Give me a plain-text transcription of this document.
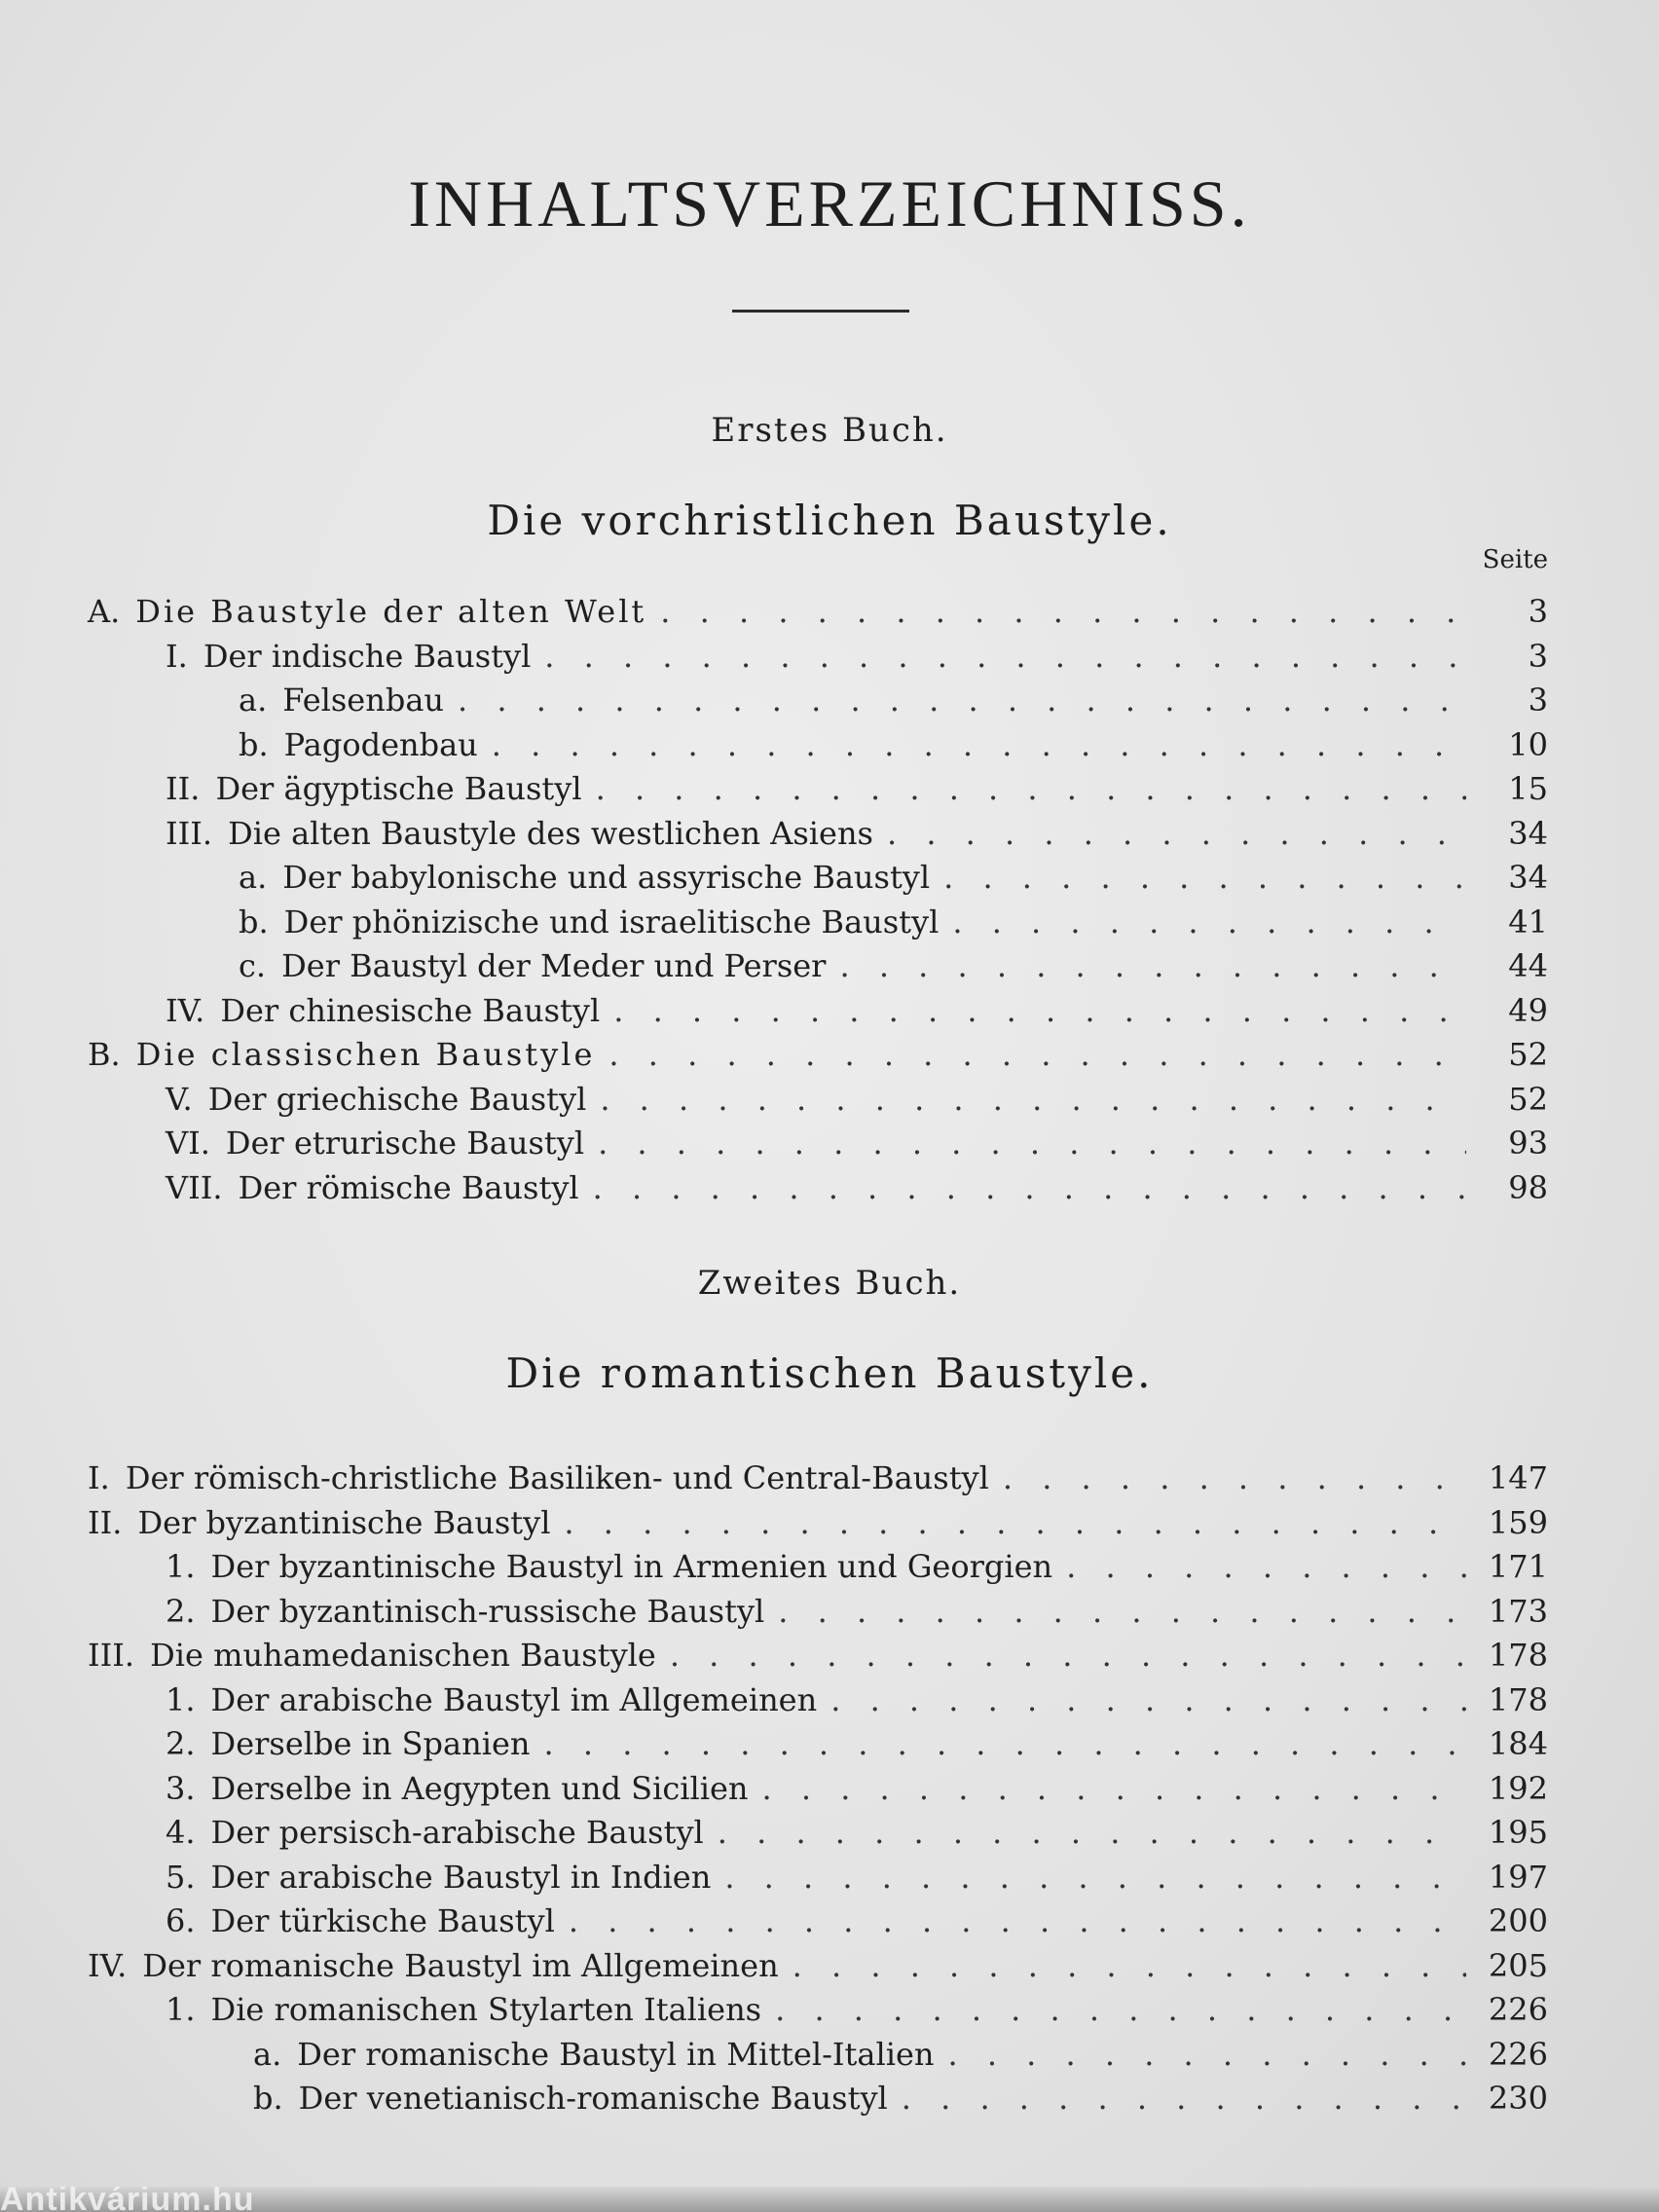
INHALTSVERZEICHNISS.
Erstes Buch.
Die vorchristlichen Baustyle.
Seite
A. Die Baustyle der alten Welt . . .	3
I. Der indische Baustyl . . .	3
a. Felsenbau . . .	3
b. Pagodenbau . . .	10
II. Der ägyptische Baustyl . . .	15
III. Die alten Baustyle des westlichen Asiens . . .	34
a. Der babylonische und assyrische Baustyl . . .	34
b. Der phönizische und israelitische Baustyl . . .	41
c. Der Baustyl der Meder und Perser . . .	44
IV. Der chinesische Baustyl . . .	49
B. Die classischen Baustyle . . .	52
V. Der griechische Baustyl . . .	52
VI. Der etrurische Baustyl . . .	93
VII. Der römische Baustyl . . .	98
Zweites Buch.
Die romantischen Baustyle.
I. Der römisch-christliche Basiliken- und Central-Baustyl . . .	147
II. Der byzantinische Baustyl . . .	159
1. Der byzantinische Baustyl in Armenien und Georgien . . .	171
2. Der byzantinisch-russische Baustyl . . .	173
III. Die muhamedanischen Baustyle . . .	178
1. Der arabische Baustyl im Allgemeinen . . .	178
2. Derselbe in Spanien . . .	184
3. Derselbe in Aegypten und Sicilien . . .	192
4. Der persisch-arabische Baustyl . . .	195
5. Der arabische Baustyl in Indien . . .	197
6. Der türkische Baustyl . . .	200
IV. Der romanische Baustyl im Allgemeinen . . .	205
1. Die romanischen Stylarten Italiens . . .	226
a. Der romanische Baustyl in Mittel-Italien . . .	226
b. Der venetianisch-romanische Baustyl . . .	230
Antikvárium.hu
